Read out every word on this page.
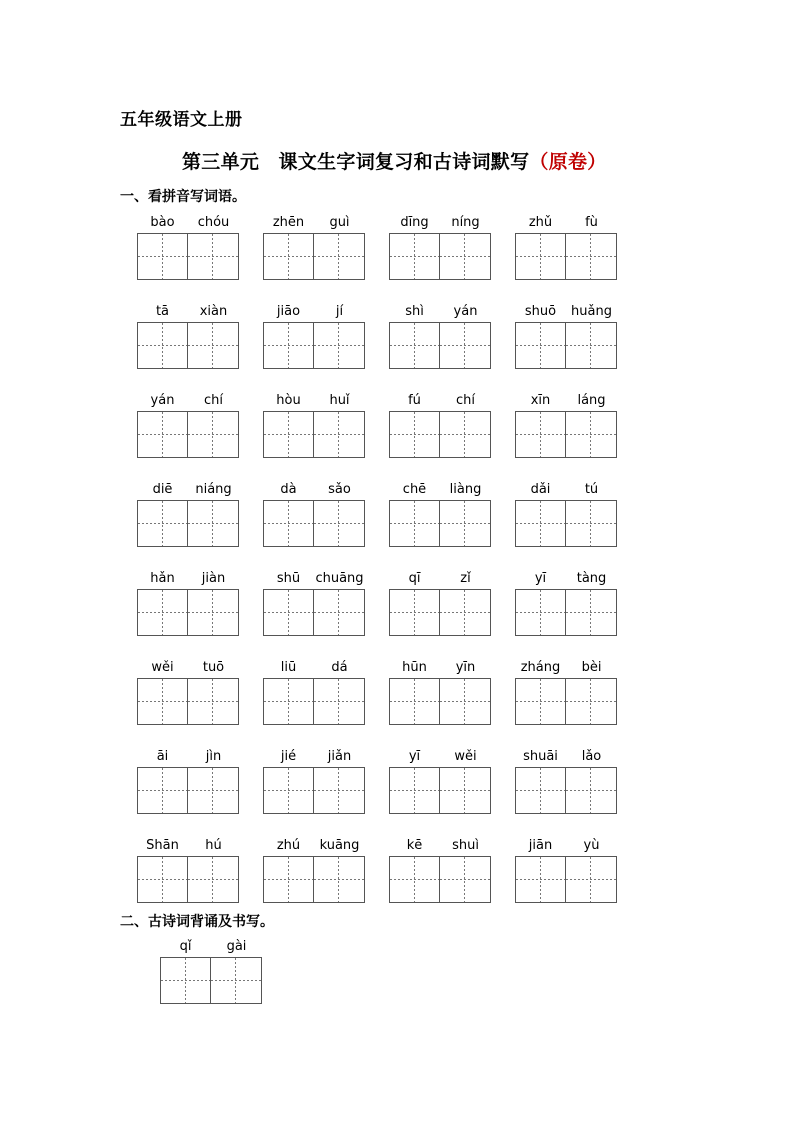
五年级语文上册
第三单元　课文生字词复习和古诗词默写（原卷）
一、看拼音写词语。
二、古诗词背诵及书写。
bào	chóu	zhēn	guì	dīng	níng	zhǔ	fù
tā	xiàn	jiāo	jí	shì	yán	shuō	huǎng
yán	chí	hòu	huǐ	fú	chí	xīn	láng
diē	niáng	dà	sǎo	chē	liàng	dǎi	tú
hǎn	jiàn	shū	chuāng	qī	zǐ	yī	tàng
wěi	tuō	liū	dá	hūn	yīn	zháng	bèi
āi	jìn	jié	jiǎn	yī	wěi	shuāi	lǎo
Shān	hú	zhú	kuāng	kē	shuì	jiān	yù
qǐ	gài
